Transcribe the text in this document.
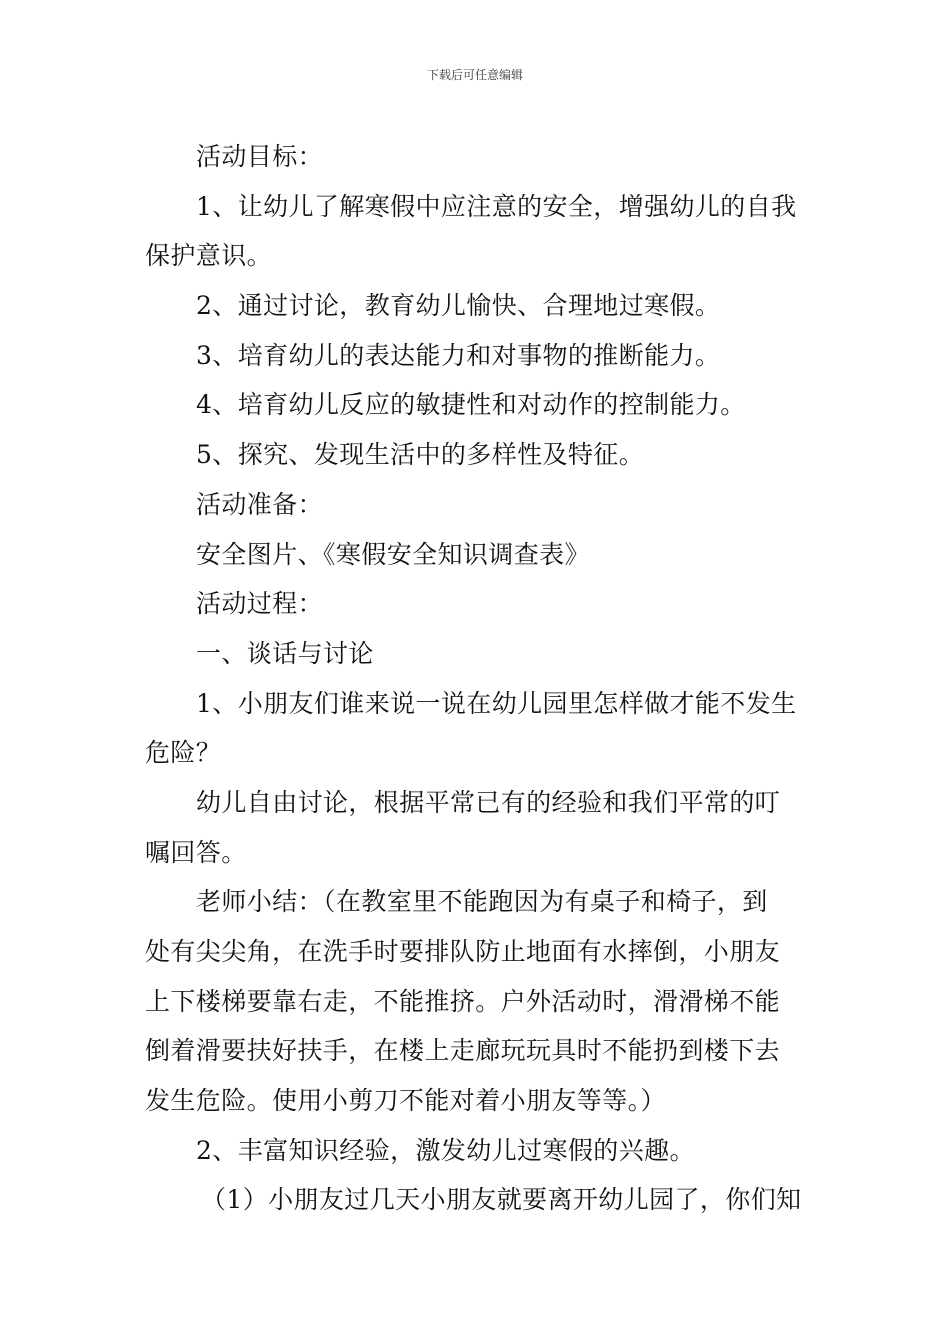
下载后可任意编辑
活动目标：
1、让幼儿了解寒假中应注意的安全，增强幼儿的自我
保护意识。
2、通过讨论，教育幼儿愉快、合理地过寒假。
3、培育幼儿的表达能力和对事物的推断能力。
4、培育幼儿反应的敏捷性和对动作的控制能力。
5、探究、发现生活中的多样性及特征。
活动准备：
安全图片、《寒假安全知识调查表》
活动过程：
一、谈话与讨论
1、小朋友们谁来说一说在幼儿园里怎样做才能不发生
危险？
幼儿自由讨论，根据平常已有的经验和我们平常的叮
嘱回答。
老师小结：（在教室里不能跑因为有桌子和椅子，到
处有尖尖角，在洗手时要排队防止地面有水摔倒，小朋友
上下楼梯要靠右走，不能推挤。户外活动时，滑滑梯不能
倒着滑要扶好扶手，在楼上走廊玩玩具时不能扔到楼下去
发生危险。使用小剪刀不能对着小朋友等等。）
2、丰富知识经验，激发幼儿过寒假的兴趣。
（1）小朋友过几天小朋友就要离开幼儿园了，你们知
